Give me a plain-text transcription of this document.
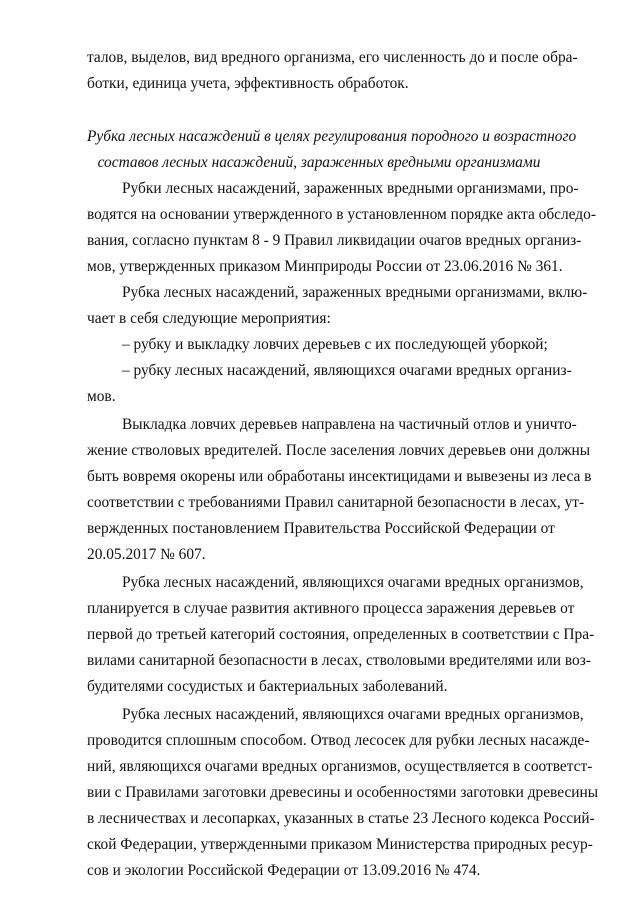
талов, выделов, вид вредного организма, его численность до и после обра-
ботки, единица учета, эффективность обработок.
Рубка лесных насаждений в целях регулирования породного и возрастного
составов лесных насаждений, зараженных вредными организмами
Рубки лесных насаждений, зараженных вредными организмами, про-
водятся на основании утвержденного в установленном порядке акта обследо-
вания, согласно пунктам 8 - 9 Правил ликвидации очагов вредных организ-
мов, утвержденных приказом Минприроды России от 23.06.2016 № 361.
Рубка лесных насаждений, зараженных вредными организмами, вклю-
чает в себя следующие мероприятия:
– рубку и выкладку ловчих деревьев с их последующей уборкой;
– рубку лесных насаждений, являющихся очагами вредных организ-
мов.
Выкладка ловчих деревьев направлена на частичный отлов и уничто-
жение стволовых вредителей. После заселения ловчих деревьев они должны
быть вовремя окорены или обработаны инсектицидами и вывезены из леса в
соответствии с требованиями Правил санитарной безопасности в лесах, ут-
вержденных постановлением Правительства Российской Федерации от
20.05.2017 № 607.
Рубка лесных насаждений, являющихся очагами вредных организмов,
планируется в случае развития активного процесса заражения деревьев от
первой до третьей категорий состояния, определенных в соответствии с Пра-
вилами санитарной безопасности в лесах, стволовыми вредителями или воз-
будителями сосудистых и бактериальных заболеваний.
Рубка лесных насаждений, являющихся очагами вредных организмов,
проводится сплошным способом. Отвод лесосек для рубки лесных насажде-
ний, являющихся очагами вредных организмов, осуществляется в соответст-
вии с Правилами заготовки древесины и особенностями заготовки древесины
в лесничествах и лесопарках, указанных в статье 23 Лесного кодекса Россий-
ской Федерации, утвержденными приказом Министерства природных ресур-
сов и экологии Российской Федерации от 13.09.2016 № 474.
